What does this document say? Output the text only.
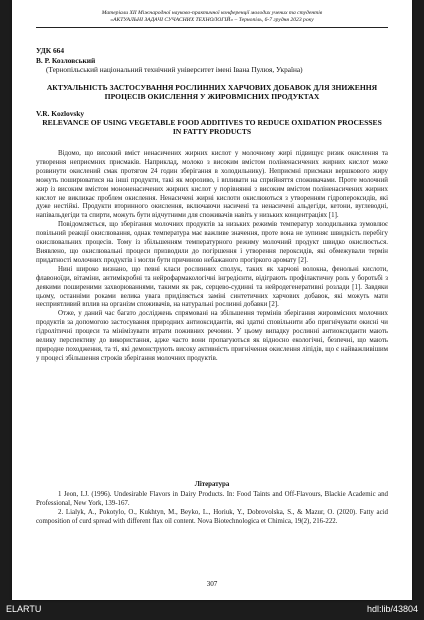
Матеріали XII Міжнародної науково-практичної конференції молодих учених та студентів
«АКТУАЛЬНІ ЗАДАЧІ СУЧАСНИХ ТЕХНОЛОГІЙ» – Тернопіль, 6-7 грудня 2023 року
УДК 664
В. Р. Козловський
(Тернопільський національний технічний університет імені Івана Пулюя, Україна)
АКТУАЛЬНІСТЬ ЗАСТОСУВАННЯ РОСЛИННИХ ХАРЧОВИХ ДОБАВОК ДЛЯ ЗНИЖЕННЯ ПРОЦЕСІВ ОКИСЛЕННЯ У ЖИРОВМІСНИХ ПРОДУКТАХ
V.R. Kozlovsky
RELEVANCE OF USING VEGETABLE FOOD ADDITIVES TO REDUCE OXIDATION PROCESSES IN FATTY PRODUCTS

Відомо, що високий вміст ненасичених жирних кислот у молочному жирі підвищує ризик окислення та утворення неприємних присмаків. Наприклад, молоко з високим вмістом поліненасичених жирних кислот може розвинути окислений смак протягом 24 годин зберігання в холодильнику). Неприємні присмаки вершкового жиру можуть поширюватися на інші продукти, такі як морозиво, і впливати на сприйняття споживачами. Проте молочний жир із високим вмістом мононенасичених жирних кислот у порівнянні з високим вмістом поліненасичених жирних кислот не викликає проблем окислення. Ненасичені жирні кислоти окислюються з утворенням гідропероксидів, які дуже нестійкі. Продукти вторинного окислення, включаючи насичені та ненасичені альдегіди, кетони, вуглеводні, напівальдегіди та спирти, можуть бути відчутними для споживачів навіть у низьких концентраціях [1].

Повідомляється, що зберігання молочних продуктів за низьких режимів температур холодильника зумовлює повільний реакції окислювання, однак температура має важливе значення, проте вона не зупиняє швидкість перебігу окислювальних процесів. Тому із збільшенням температурного режиму молочний продукт швидко окислюється. Виявлено, що окислювальні процеси призводили до погіршення і утворення пероксидів, які обмежували термін придатності молочних продуктів і могли бути причиною небажаного прогіркого аромату [2].

Нині широко визнано, що певні класи рослинних сполук, таких як харчові волокна, фенольні кислоти, флавоноїди, вітаміни, антимікробні та нейрофармакологічні інгредієнти, відіграють профілактичну роль у боротьбі з деякими поширеними захворюваннями, такими як рак, серцево-судинні та нейродегенеративні розлади [1]. Завдяки цьому, останніми роками велика увага приділяється заміні синтетичних харчових добавок, які можуть мати несприятливий вплив на організм споживачів, на натуральні рослинні добавки [2].

Отже, у даний час багато досліджень спрямовані на збільшення термінів зберігання жировмісних молочних продуктів за допомогою застосування природних антиоксидантів, які здатні сповільнити або пригнічувати окисні чи гідролітичні процеси та мінімізувати втрати поживних речовин. У цьому випадку рослинні антиоксиданти мають велику перспективу до використання, адже часто вони пропагуються як відносно екологічні, безпечні, що мають природне походження, та ті, які демонструють високу активність пригнічення окислення ліпідів, що є найважливішим у процесі збільшення строків зберігання молочних продуктів.

Література

1 Jeon, I.J. (1996). Undesirable Flavors in Dairy Products. In: Food Taints and Off-Flavours, Blackie Academic and Professional, New York, 139-167.

2. Lialyk, A., Pokotylo, O., Kukhtyn, M., Beyko, L., Horiuk, Y., Dobrovolska, S., & Mazur, O. (2020). Fatty acid composition of curd spread with different flax oil content. Nova Biotechnologica et Chimica, 19(2), 216-222.

307
ELARTU	hdl:lib/43804
